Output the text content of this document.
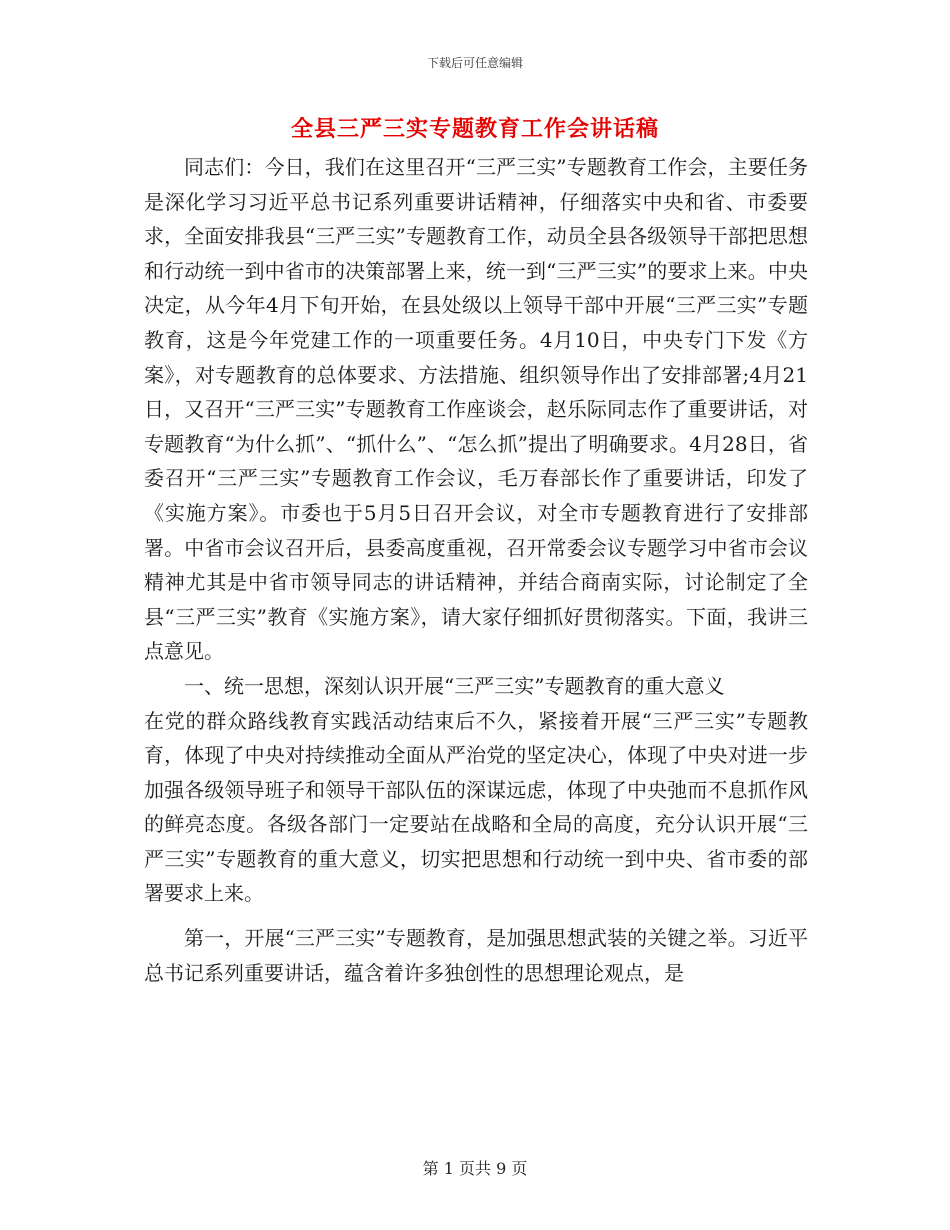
下载后可任意编辑
全县三严三实专题教育工作会讲话稿

同志们：今日，我们在这里召开“三严三实”专题教育工作会，主要任务是深化学习习近平总书记系列重要讲话精神，仔细落实中央和省、市委要求，全面安排我县“三严三实”专题教育工作，动员全县各级领导干部把思想和行动统一到中省市的决策部署上来，统一到“三严三实”的要求上来。中央决定，从今年4月下旬开始，在县处级以上领导干部中开展“三严三实”专题教育，这是今年党建工作的一项重要任务。4月10日，中央专门下发《方案》，对专题教育的总体要求、方法措施、组织领导作出了安排部署;4月21日，又召开“三严三实”专题教育工作座谈会，赵乐际同志作了重要讲话，对专题教育“为什么抓”、“抓什么”、“怎么抓”提出了明确要求。4月28日，省委召开“三严三实”专题教育工作会议，毛万春部长作了重要讲话，印发了《实施方案》。市委也于5月5日召开会议，对全市专题教育进行了安排部署。中省市会议召开后，县委高度重视，召开常委会议专题学习中省市会议精神尤其是中省市领导同志的讲话精神，并结合商南实际，讨论制定了全县“三严三实”教育《实施方案》，请大家仔细抓好贯彻落实。下面，我讲三点意见。

一、统一思想，深刻认识开展“三严三实”专题教育的重大意义

在党的群众路线教育实践活动结束后不久，紧接着开展“三严三实”专题教育，体现了中央对持续推动全面从严治党的坚定决心，体现了中央对进一步加强各级领导班子和领导干部队伍的深谋远虑，体现了中央弛而不息抓作风的鲜亮态度。各级各部门一定要站在战略和全局的高度，充分认识开展“三严三实”专题教育的重大意义，切实把思想和行动统一到中央、省市委的部署要求上来。

第一，开展“三严三实”专题教育，是加强思想武装的关键之举。习近平总书记系列重要讲话，蕴含着许多独创性的思想理论观点，是

第 1 页共 9 页
